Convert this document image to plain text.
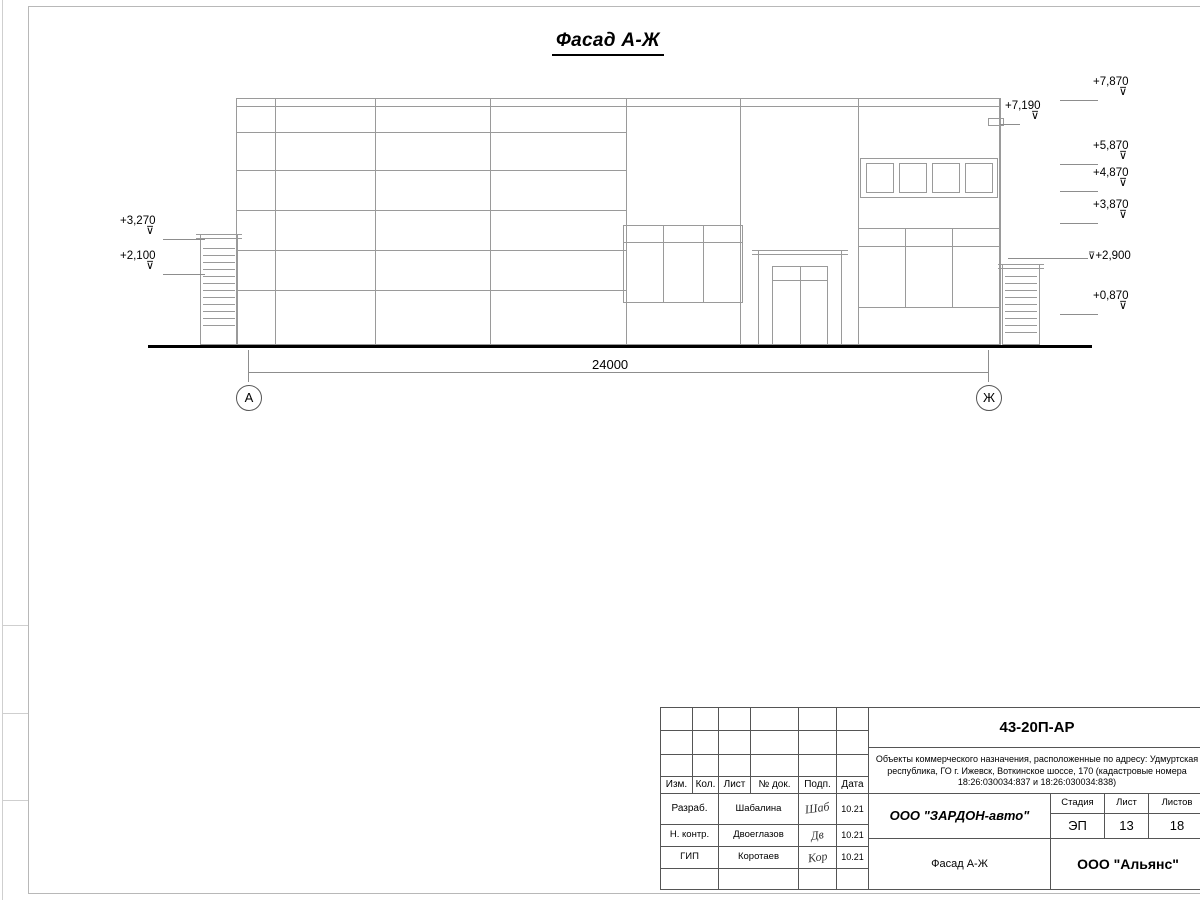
Фасад А-Ж
+3,270
⊽
+2,100
⊽
+7,870
⊽
+7,190
⊽
+5,870
⊽
+4,870
⊽
+3,870
⊽
⊽+2,900
+0,870
⊽
24000
А	Ж
Изм. Кол. Лист	№ док.	Подп.	Дата
Разраб.	Шабалина	Шаб	10.21
Н. контр.	Двоеглазов	Дв	10.21
ГИП	Коротаев	Кор	10.21
43-20П-АР
Объекты коммерческого назначения, расположенные по адресу: Удмуртская республика, ГО г. Ижевск, Воткинское шоссе, 170 (кадастровые номера 18:26:030034:837 и 18:26:030034:838)
ООО "ЗАРДОН-авто"
Стадия	Лист	Листов
ЭП	13	18
Фасад А-Ж	ООО "Альянс"
